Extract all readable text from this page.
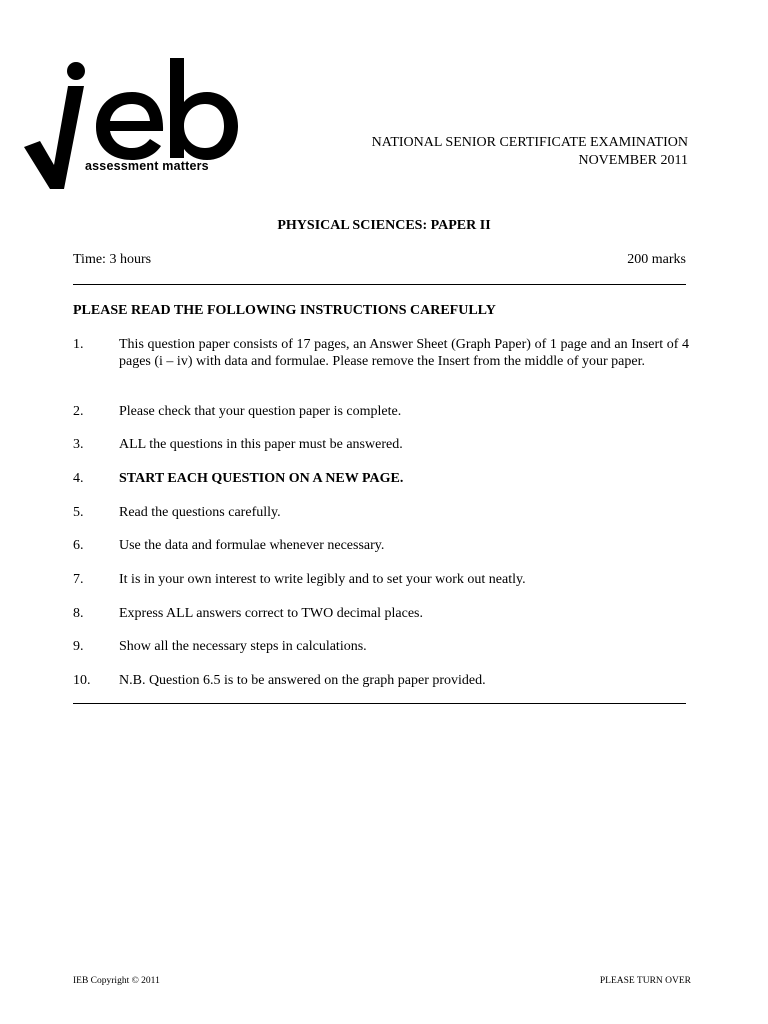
assessment matters
NATIONAL SENIOR CERTIFICATE EXAMINATION
NOVEMBER 2011
PHYSICAL SCIENCES: PAPER II
Time: 3 hours	200 marks
PLEASE READ THE FOLLOWING INSTRUCTIONS CAREFULLY
1.	This question paper consists of 17 pages, an Answer Sheet (Graph Paper) of 1 page and an Insert of 4 pages (i – iv) with data and formulae. Please remove the Insert from the middle of your paper.
2.	Please check that your question paper is complete.
3.	ALL the questions in this paper must be answered.
4.	START EACH QUESTION ON A NEW PAGE.
5.	Read the questions carefully.
6.	Use the data and formulae whenever necessary.
7.	It is in your own interest to write legibly and to set your work out neatly.
8.	Express ALL answers correct to TWO decimal places.
9.	Show all the necessary steps in calculations.
10. N.B. Question 6.5 is to be answered on the graph paper provided.
IEB Copyright © 2011	PLEASE TURN OVER
